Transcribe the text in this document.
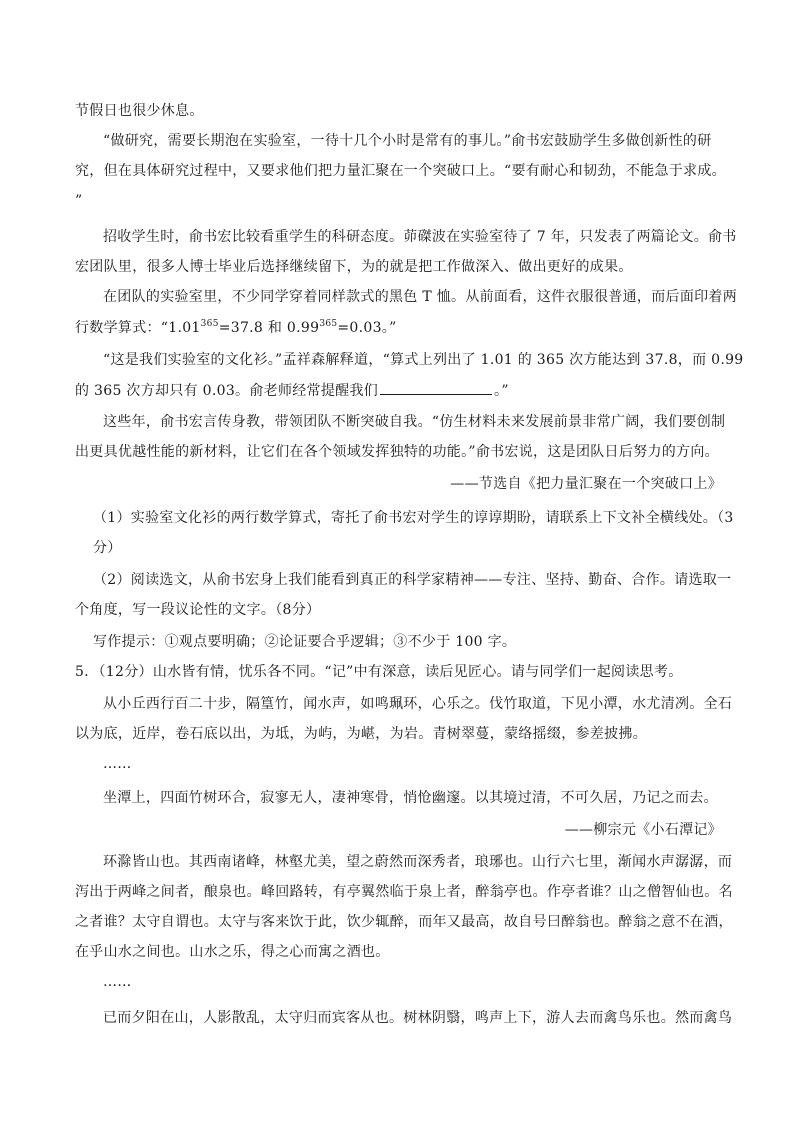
节假日也很少休息。
“做研究，需要长期泡在实验室，一待十几个小时是常有的事儿。”俞书宏鼓励学生多做创新性的研
究，但在具体研究过程中，又要求他们把力量汇聚在一个突破口上。“要有耐心和韧劲，不能急于求成。
”
招收学生时，俞书宏比较看重学生的科研态度。茆磔波在实验室待了 7 年，只发表了两篇论文。俞书
宏团队里，很多人博士毕业后选择继续留下，为的就是把工作做深入、做出更好的成果。
在团队的实验室里，不少同学穿着同样款式的黑色 T 恤。从前面看，这件衣服很普通，而后面印着两
行数学算式：“$1.01^{365}=37.8$ 和 $0.99^{365}=0.03$。”
“这是我们实验室的文化衫。”孟祥森解释道，“算式上列出了 1.01 的 365 次方能达到 37.8，而 0.99
的 365 次方却只有 0.03。俞老师经常提醒我们	。”
这些年，俞书宏言传身教，带领团队不断突破自我。“仿生材料未来发展前景非常广阔，我们要创制
出更具优越性能的新材料，让它们在各个领域发挥独特的功能。”俞书宏说，这是团队日后努力的方向。
——节选自《把力量汇聚在一个突破口上》
（1）实验室文化衫的两行数学算式，寄托了俞书宏对学生的谆谆期盼，请联系上下文补全横线处。（3
分）
（2）阅读选文，从俞书宏身上我们能看到真正的科学家精神——专注、坚持、勤奋、合作。请选取一
个角度，写一段议论性的文字。（8分）
写作提示：①观点要明确；②论证要合乎逻辑；③不少于 100 字。
5．（12分）山水皆有情，忧乐各不同。“记”中有深意，读后见匠心。请与同学们一起阅读思考。
从小丘西行百二十步，隔篁竹，闻水声，如鸣珮环，心乐之。伐竹取道，下见小潭，水尤清冽。全石
以为底，近岸，卷石底以出，为坻，为屿，为嵁，为岩。青树翠蔓，蒙络摇缀，参差披拂。
……
坐潭上，四面竹树环合，寂寥无人，凄神寒骨，悄怆幽邃。以其境过清，不可久居，乃记之而去。
——柳宗元《小石潭记》
环滁皆山也。其西南诸峰，林壑尤美，望之蔚然而深秀者，琅琊也。山行六七里，渐闻水声潺潺，而
泻出于两峰之间者，酿泉也。峰回路转，有亭翼然临于泉上者，醉翁亭也。作亭者谁？山之僧智仙也。名
之者谁？太守自谓也。太守与客来饮于此，饮少辄醉，而年又最高，故自号曰醉翁也。醉翁之意不在酒，
在乎山水之间也。山水之乐，得之心而寓之酒也。
……
已而夕阳在山，人影散乱，太守归而宾客从也。树林阴翳，鸣声上下，游人去而禽鸟乐也。然而禽鸟
